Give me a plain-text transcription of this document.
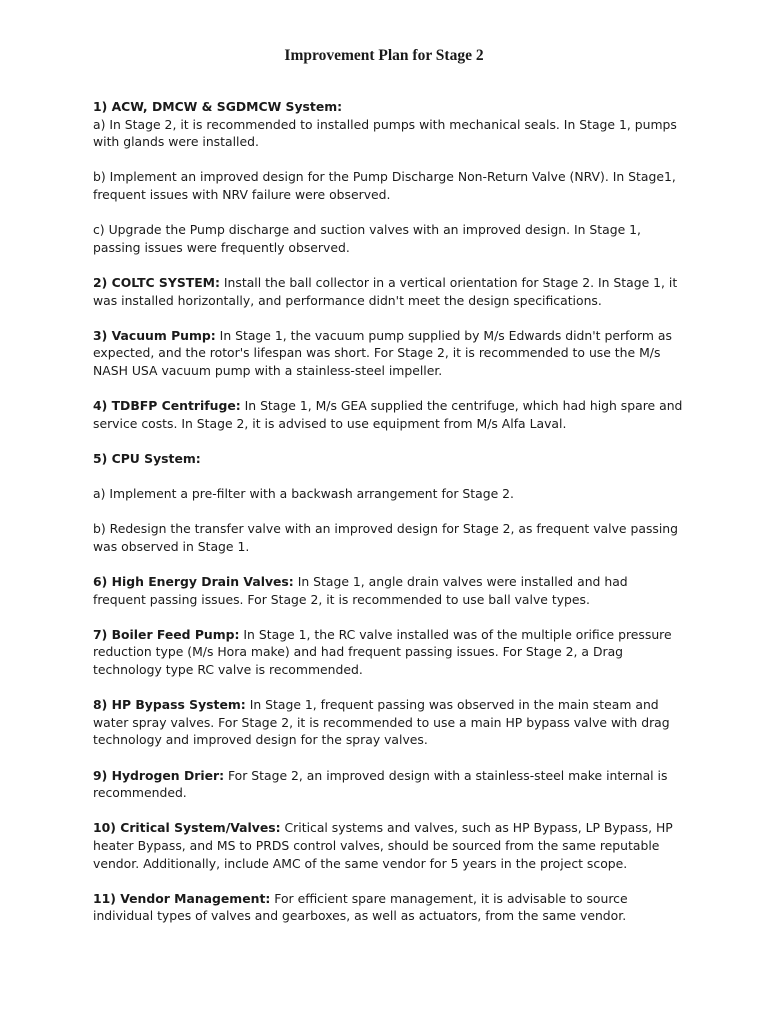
Improvement Plan for Stage 2

1) ACW, DMCW & SGDMCW System:

a) In Stage 2, it is recommended to installed pumps with mechanical seals. In Stage 1, pumps with glands were installed.

b) Implement an improved design for the Pump Discharge Non-Return Valve (NRV). In Stage1, frequent issues with NRV failure were observed.

c) Upgrade the Pump discharge and suction valves with an improved design. In Stage 1, passing issues were frequently observed.

2) COLTC SYSTEM: Install the ball collector in a vertical orientation for Stage 2. In Stage 1, it was installed horizontally, and performance didn't meet the design specifications.

3) Vacuum Pump: In Stage 1, the vacuum pump supplied by M/s Edwards didn't perform as expected, and the rotor's lifespan was short. For Stage 2, it is recommended to use the M/s NASH USA vacuum pump with a stainless-steel impeller.

4) TDBFP Centrifuge: In Stage 1, M/s GEA supplied the centrifuge, which had high spare and service costs. In Stage 2, it is advised to use equipment from M/s Alfa Laval.

5) CPU System:

a) Implement a pre-filter with a backwash arrangement for Stage 2.

b) Redesign the transfer valve with an improved design for Stage 2, as frequent valve passing was observed in Stage 1.

6) High Energy Drain Valves: In Stage 1, angle drain valves were installed and had frequent passing issues. For Stage 2, it is recommended to use ball valve types.

7) Boiler Feed Pump: In Stage 1, the RC valve installed was of the multiple orifice pressure reduction type (M/s Hora make) and had frequent passing issues. For Stage 2, a Drag technology type RC valve is recommended.

8) HP Bypass System: In Stage 1, frequent passing was observed in the main steam and water spray valves. For Stage 2, it is recommended to use a main HP bypass valve with drag technology and improved design for the spray valves.

9) Hydrogen Drier: For Stage 2, an improved design with a stainless-steel make internal is recommended.

10) Critical System/Valves: Critical systems and valves, such as HP Bypass, LP Bypass, HP heater Bypass, and MS to PRDS control valves, should be sourced from the same reputable vendor. Additionally, include AMC of the same vendor for 5 years in the project scope.

11) Vendor Management: For efficient spare management, it is advisable to source individual types of valves and gearboxes, as well as actuators, from the same vendor.
